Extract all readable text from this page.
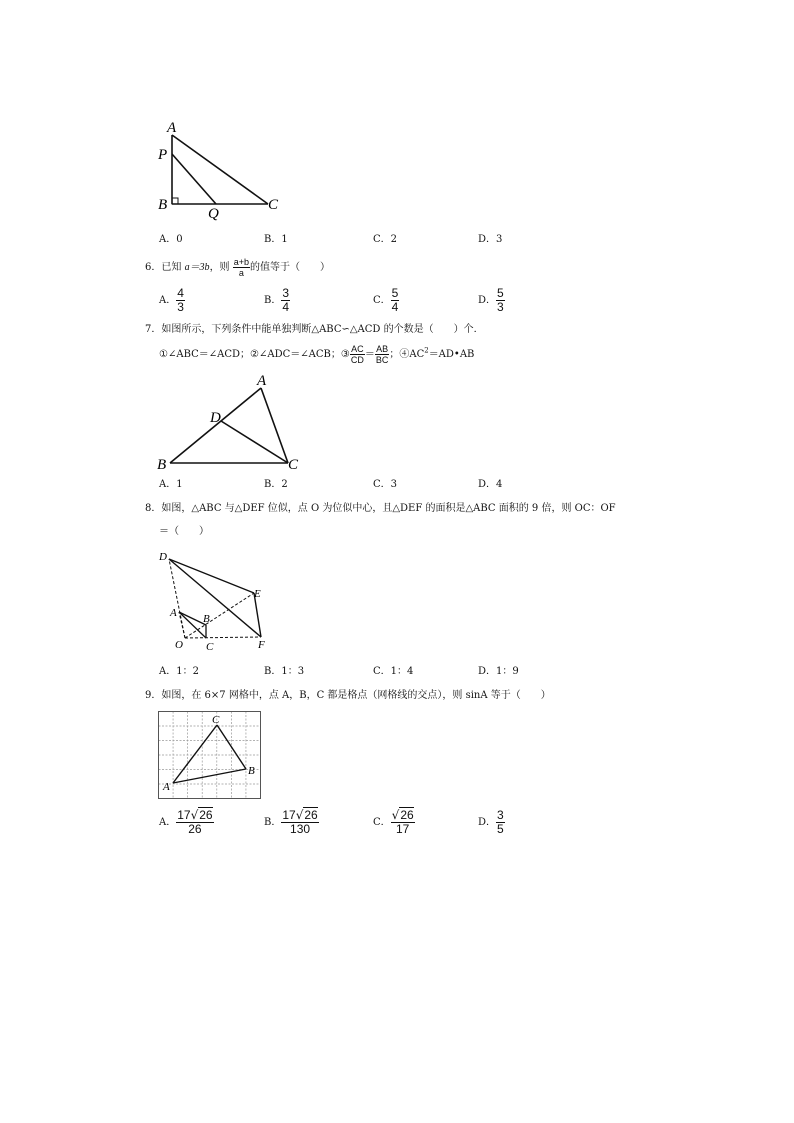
A
P
B
Q
C
A．0	B．1	C．2	D．3
6．已知 a＝3b，则 $\frac{a+b}{a}$ 的值等于（　　）
A． $\frac{4}{3}$	B． $\frac{3}{4}$	C． $\frac{5}{4}$	D． $\frac{5}{3}$
7．如图所示，下列条件中能单独判断△ABC∽△ACD 的个数是（　　）个．
①∠ABC＝∠ACD；②∠ADC＝∠ACB；③ $\frac{AC}{CD} = \frac{AB}{BC}$ ；$④AC^2=AD•AB$
A
D
B	C
A．1	B．2	C．3	D．4
8．如图，△ABC 与△DEF 位似，点 O 为位似中心，且△DEF 的面积是△ABC 面积的 9 倍，则 OC：OF
＝（　　）
D
E
A B
O C	F
A．1：2	B．1：3	C．1：4	D．1：9
9．如图，在 6×7 网格中，点 A，B，C 都是格点（网格线的交点），则 sinA 等于（　　）
C
B
A
A． $\frac{17√26}{26}$	B． $\frac{17√26}{130}$	C． $\frac{√26}{17}$	D． $\frac{3}{5}$
